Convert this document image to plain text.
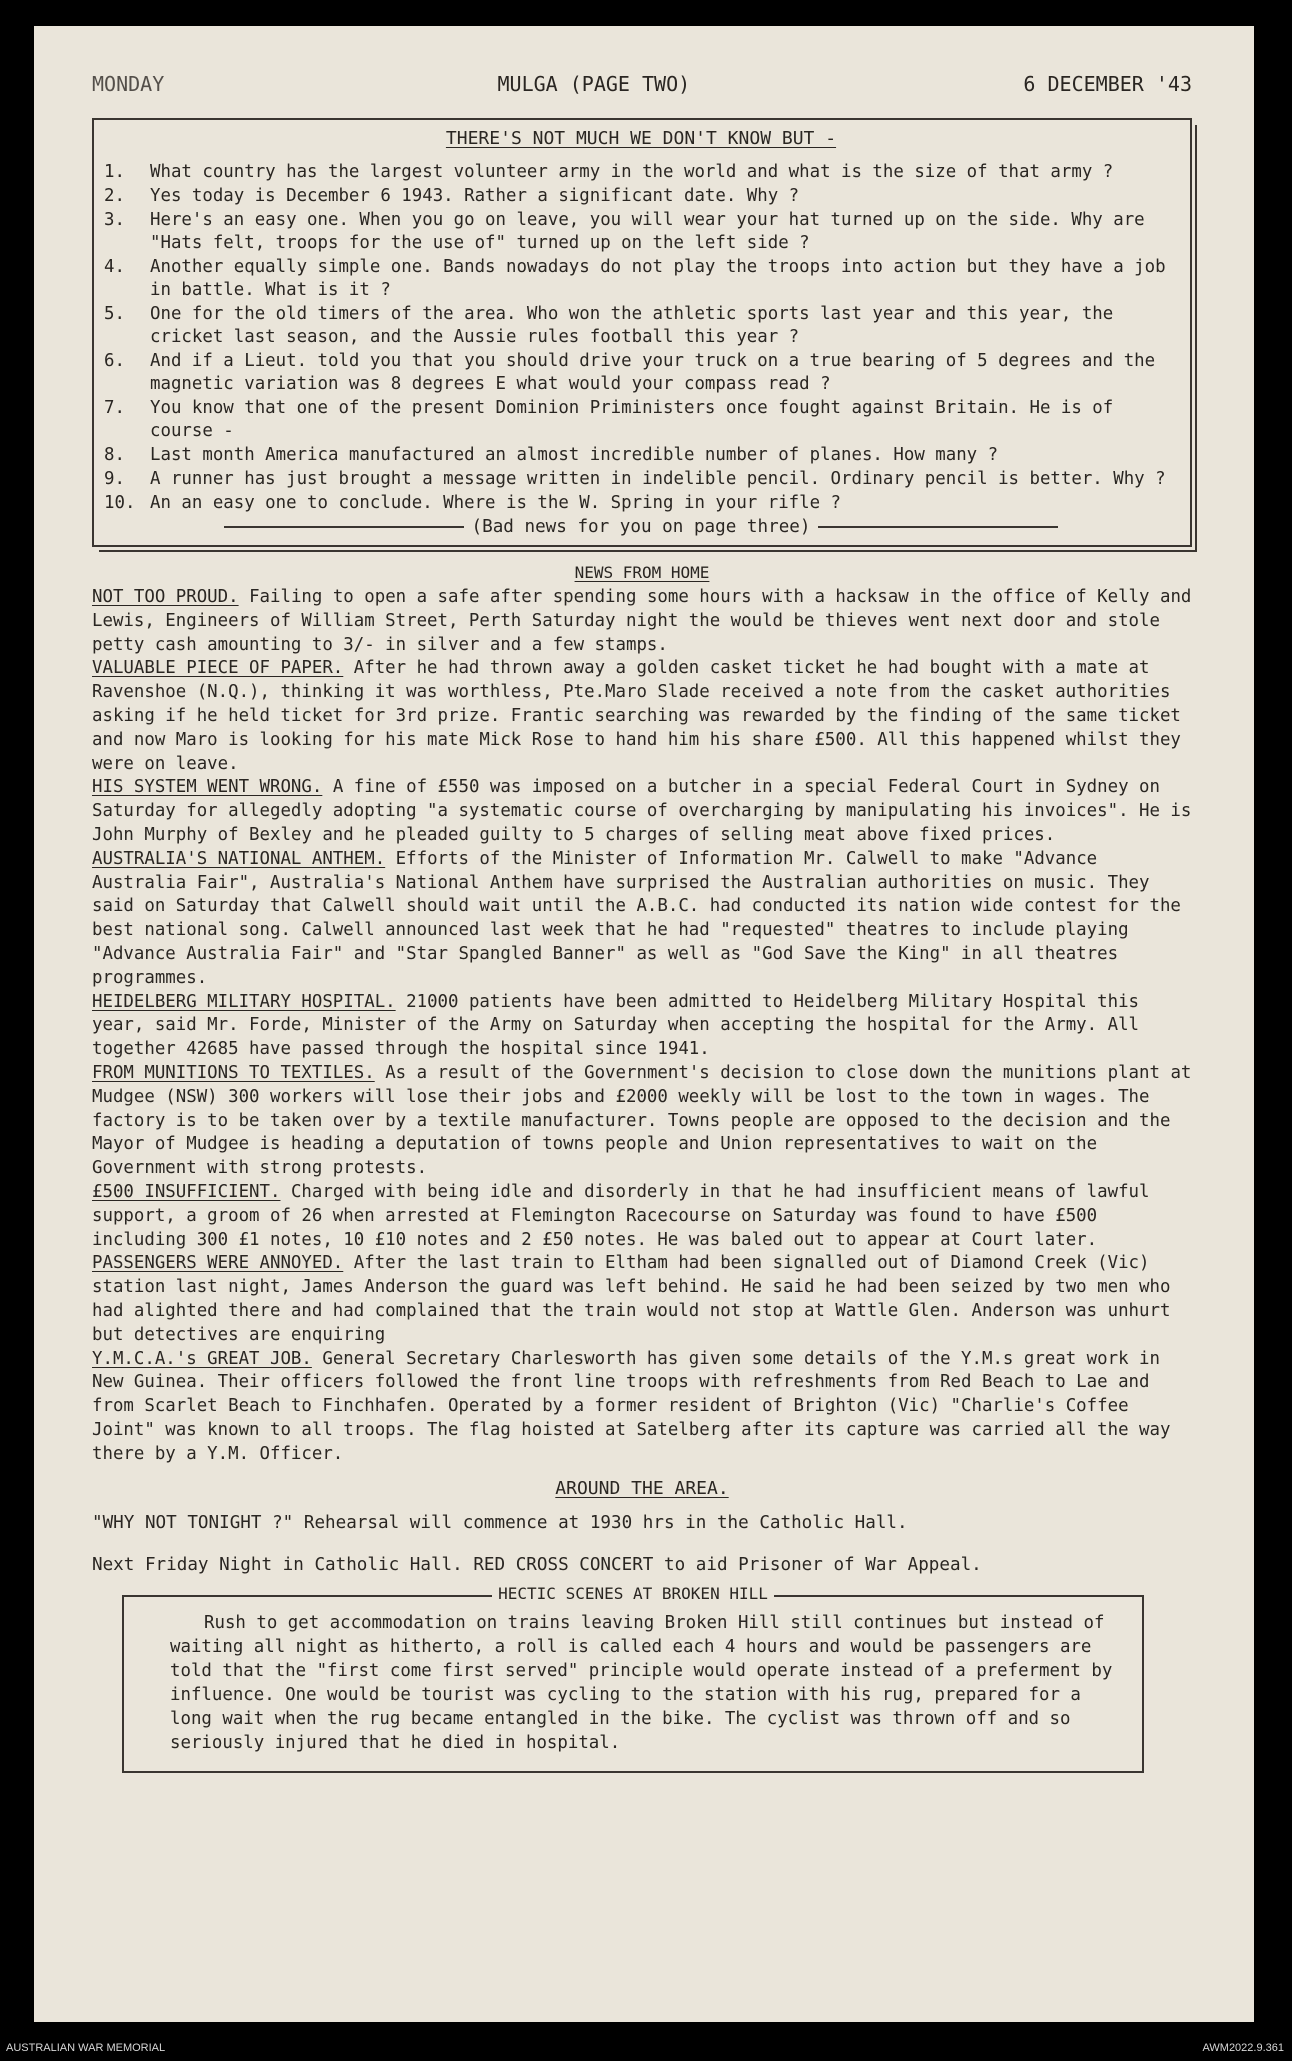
MONDAY	MULGA (PAGE TWO)	6 DECEMBER '43
THERE'S NOT MUCH WE DON'T KNOW BUT -
1.	What country has the largest volunteer army in the world and what is the size of that army ?
2.	Yes today is December 6 1943. Rather a significant date. Why ?
3.	Here's an easy one. When you go on leave, you will wear your hat turned up on the side. Why are "Hats felt, troops for the use of" turned up on the left side ?
4.	Another equally simple one. Bands nowadays do not play the troops into action but they have a job in battle. What is it ?
5.	One for the old timers of the area. Who won the athletic sports last year and this year, the cricket last season, and the Aussie rules football this year ?
6.	And if a Lieut. told you that you should drive your truck on a true bearing of 5 degrees and the magnetic variation was 8 degrees E what would your compass read ?
7.	You know that one of the present Dominion Priministers once fought against Britain. He is of course -
8.	Last month America manufactured an almost incredible number of planes. How many ?
9.	A runner has just brought a message written in indelible pencil. Ordinary pencil is better. Why ?
10. An an easy one to conclude. Where is the W. Spring in your rifle ?
(Bad news for you on page three)
NEWS FROM HOME
NOT TOO PROUD. Failing to open a safe after spending some hours with a hacksaw in the office of Kelly and Lewis, Engineers of William Street, Perth Saturday night the would be thieves went next door and stole petty cash amounting to 3/- in silver and a few stamps.
VALUABLE PIECE OF PAPER. After he had thrown away a golden casket ticket he had bought with a mate at Ravenshoe (N.Q.), thinking it was worthless, Pte.Maro Slade received a note from the casket authorities asking if he held ticket for 3rd prize. Frantic searching was rewarded by the finding of the same ticket and now Maro is looking for his mate Mick Rose to hand him his share £500. All this happened whilst they were on leave.
HIS SYSTEM WENT WRONG. A fine of £550 was imposed on a butcher in a special Federal Court in Sydney on Saturday for allegedly adopting "a systematic course of overcharging by manipulating his invoices". He is John Murphy of Bexley and he pleaded guilty to 5 charges of selling meat above fixed prices.
AUSTRALIA'S NATIONAL ANTHEM. Efforts of the Minister of Information Mr. Calwell to make "Advance Australia Fair", Australia's National Anthem have surprised the Australian authorities on music. They said on Saturday that Calwell should wait until the A.B.C. had conducted its nation wide contest for the best national song. Calwell announced last week that he had "requested" theatres to include playing "Advance Australia Fair" and "Star Spangled Banner" as well as "God Save the King" in all theatres programmes.
HEIDELBERG MILITARY HOSPITAL. 21000 patients have been admitted to Heidelberg Military Hospital this year, said Mr. Forde, Minister of the Army on Saturday when accepting the hospital for the Army. All together 42685 have passed through the hospital since 1941.
FROM MUNITIONS TO TEXTILES. As a result of the Government's decision to close down the munitions plant at Mudgee (NSW) 300 workers will lose their jobs and £2000 weekly will be lost to the town in wages. The factory is to be taken over by a textile manufacturer. Towns people are opposed to the decision and the Mayor of Mudgee is heading a deputation of towns people and Union representatives to wait on the Government with strong protests.
£500 INSUFFICIENT. Charged with being idle and disorderly in that he had insufficient means of lawful support, a groom of 26 when arrested at Flemington Racecourse on Saturday was found to have £500 including 300 £1 notes, 10 £10 notes and 2 £50 notes. He was baled out to appear at Court later.
PASSENGERS WERE ANNOYED. After the last train to Eltham had been signalled out of Diamond Creek (Vic) station last night, James Anderson the guard was left behind. He said he had been seized by two men who had alighted there and had complained that the train would not stop at Wattle Glen. Anderson was unhurt but detectives are enquiring
Y.M.C.A.'s GREAT JOB. General Secretary Charlesworth has given some details of the Y.M.s great work in New Guinea. Their officers followed the front line troops with refreshments from Red Beach to Lae and from Scarlet Beach to Finchhafen. Operated by a former resident of Brighton (Vic) "Charlie's Coffee Joint" was known to all troops. The flag hoisted at Satelberg after its capture was carried all the way there by a Y.M. Officer.
AROUND THE AREA.
"WHY NOT TONIGHT ?" Rehearsal will commence at 1930 hrs in the Catholic Hall.
Next Friday Night in Catholic Hall. RED CROSS CONCERT to aid Prisoner of War Appeal.
HECTIC SCENES AT BROKEN HILL
Rush to get accommodation on trains leaving Broken Hill still continues but instead of waiting all night as hitherto, a roll is called each 4 hours and would be passengers are told that the "first come first served" principle would operate instead of a preferment by influence. One would be tourist was cycling to the station with his rug, prepared for a long wait when the rug became entangled in the bike. The cyclist was thrown off and so seriously injured that he died in hospital.
AUSTRALIAN WAR MEMORIAL	AWM2022.9.361
